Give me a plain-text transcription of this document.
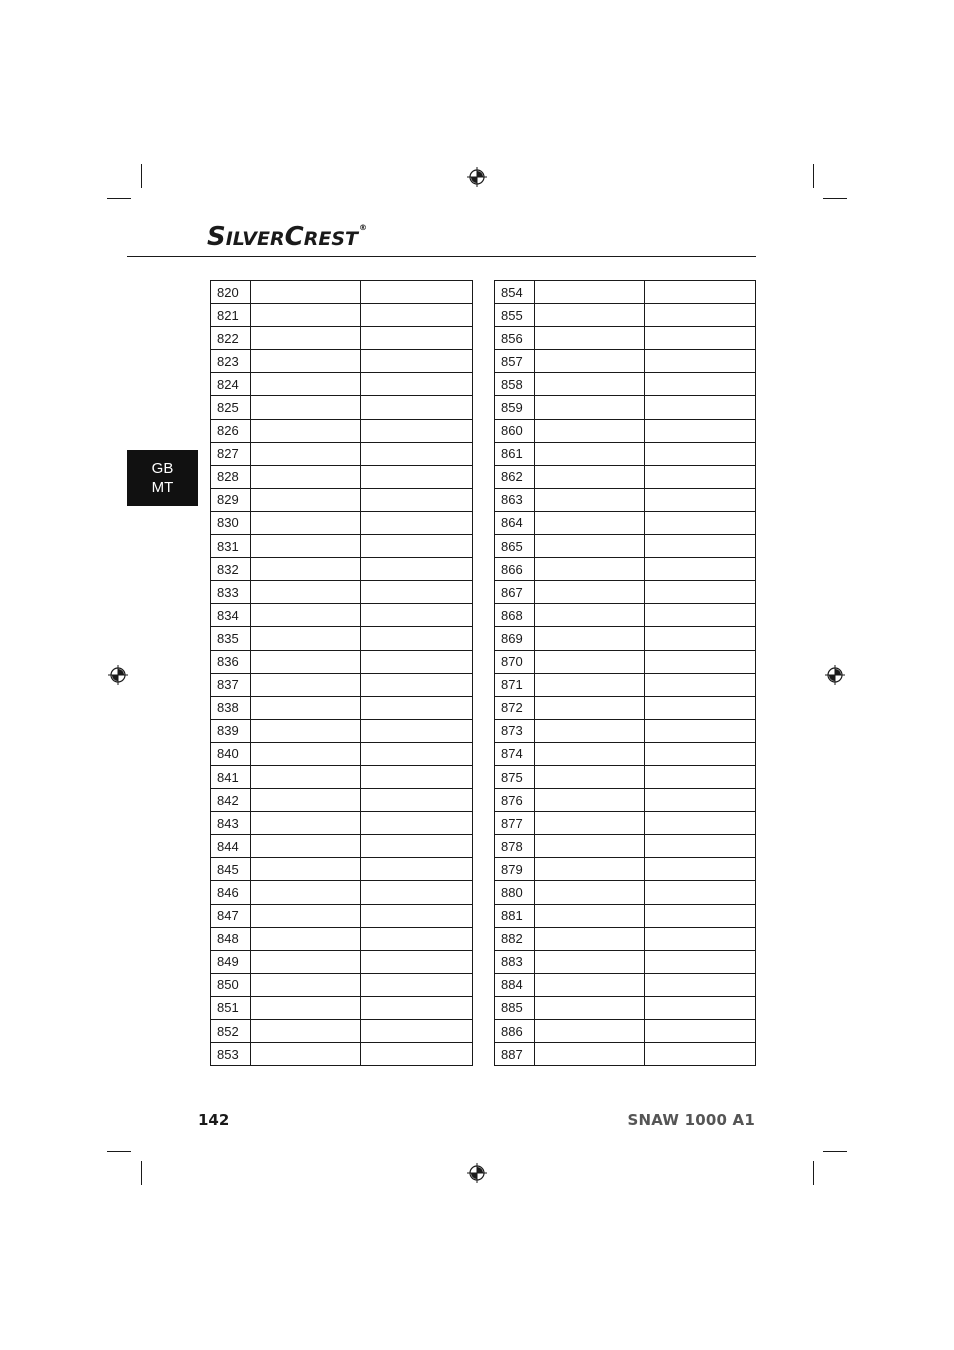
SILVERCREST®
GB
MT
820		
821		
822		
823		
824		
825		
826		
827		
828		
829		
830		
831		
832		
833		
834		
835		
836		
837		
838		
839		
840		
841		
842		
843		
844		
845		
846		
847		
848		
849		
850		
851		
852		
853		
854		
855		
856		
857		
858		
859		
860		
861		
862		
863		
864		
865		
866		
867		
868		
869		
870		
871		
872		
873		
874		
875		
876		
877		
878		
879		
880		
881		
882		
883		
884		
885		
886		
887		
142	SNAW 1000 A1
